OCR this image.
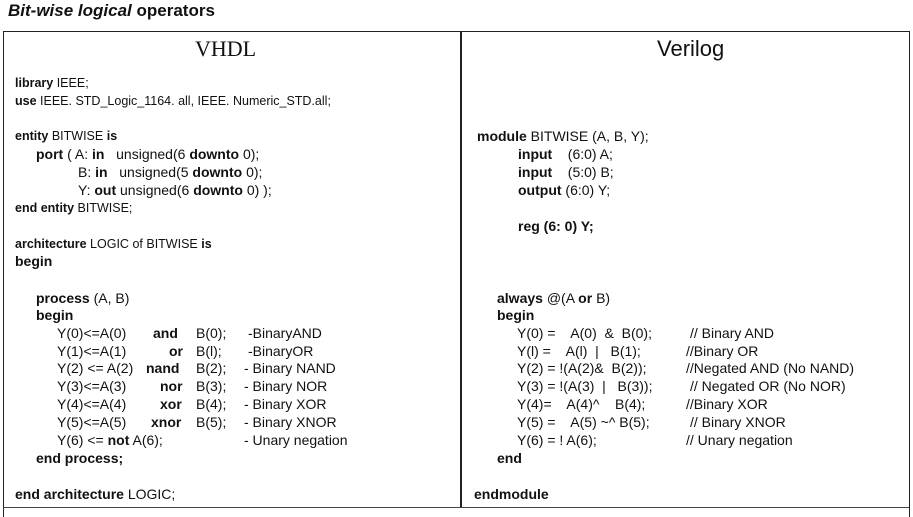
Bit-wise logical operators
VHDL	Verilog
library IEEE;
use IEEE. STD_Logic_1164. all, IEEE. Numeric_STD.all;
entity BITWISE is
port ( A: in unsigned(6 downto 0);
B: in unsigned(5 downto 0);
Y: out unsigned(6 downto 0) );
end entity BITWISE;
architecture LOGIC of BITWISE is
begin
process (A, B)
begin
Y(0)<=A(0) and B(0); -BinaryAND
Y(1)<=A(1)	or B(l); -BinaryOR
Y(2) <= A(2) nand B(2); - Binary NAND
Y(3)<=A(3) nor B(3); - Binary NOR
Y(4)<=A(4) xor B(4); - Binary XOR
Y(5)<=A(5) xnor B(5); - Binary XNOR
Y(6) <= not A(6);	- Unary negation
end process;
end architecture LOGIC;
module BITWISE (A, B, Y);
input (6:0) A;
input (5:0) B;
output (6:0) Y;
reg (6: 0) Y;
always @(A or B)
begin
Y(0) =    A(0)  &  B(0);	// Binary AND
Y(l) =    A(l)  |   B(1);	//Binary OR
Y(2) = !(A(2)&  B(2));	//Negated AND (No NAND)
Y(3) = !(A(3)  |   B(3));	// Negated OR (No NOR)
Y(4)=    A(4)^    B(4);	//Binary XOR
Y(5) =    A(5) ~^ B(5);	// Binary XNOR
Y(6) = ! A(6);	// Unary negation
end
endmodule
